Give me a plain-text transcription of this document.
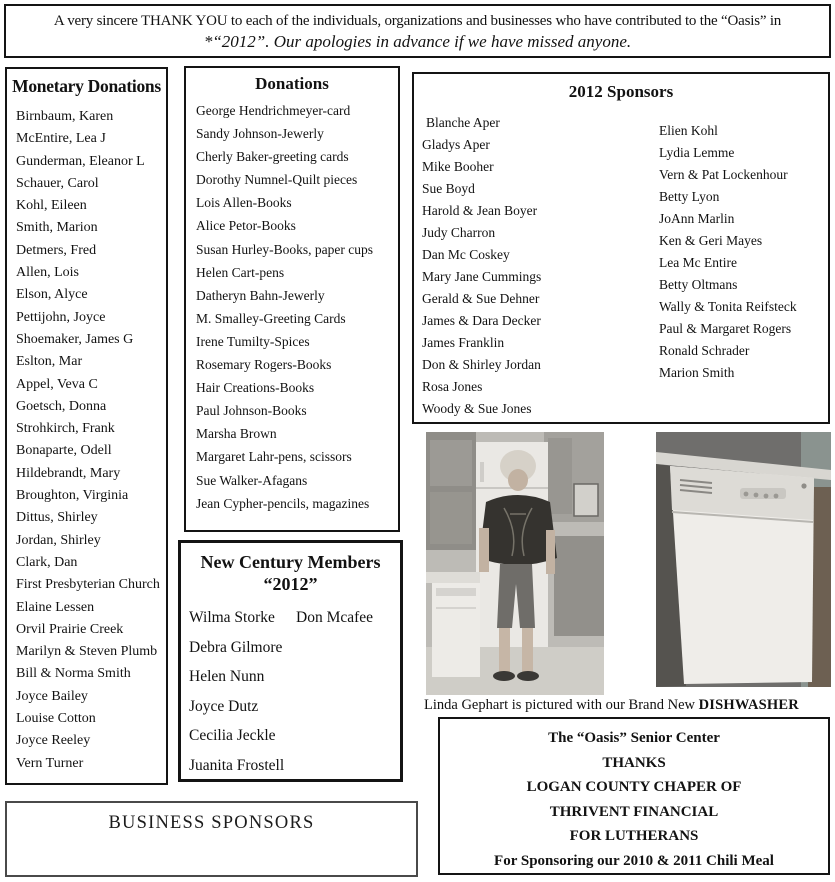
A very sincere THANK YOU to each of the individuals, organizations and businesses who have contributed to the “Oasis” in
*“2012”. Our apologies in advance if we have missed anyone.
Monetary Donations
Birnbaum, Karen
McEntire, Lea J
Gunderman, Eleanor L
Schauer, Carol
Kohl, Eileen
Smith, Marion
Detmers, Fred
Allen, Lois
Elson, Alyce
Pettijohn, Joyce
Shoemaker, James G
Eslton, Mar
Appel, Veva C
Goetsch, Donna
Strohkirch, Frank
Bonaparte, Odell
Hildebrandt, Mary
Broughton, Virginia
Dittus, Shirley
Jordan, Shirley
Clark, Dan
First Presbyterian Church
Elaine Lessen
Orvil Prairie Creek
Marilyn & Steven Plumb
Bill & Norma Smith
Joyce Bailey
Louise Cotton
Joyce Reeley
Vern Turner
Donations
George Hendrichmeyer-card
Sandy Johnson-Jewerly
Cherly Baker-greeting cards
Dorothy Numnel-Quilt pieces
Lois Allen-Books
Alice Petor-Books
Susan Hurley-Books, paper cups
Helen Cart-pens
Datheryn Bahn-Jewerly
M. Smalley-Greeting Cards
Irene Tumilty-Spices
Rosemary Rogers-Books
Hair Creations-Books
Paul Johnson-Books
Marsha Brown
Margaret Lahr-pens, scissors
Sue Walker-Afagans
Jean Cypher-pencils, magazines
New Century Members
“2012”
Wilma Storke	Don Mcafee
Debra Gilmore
Helen Nunn
Joyce Dutz
Cecilia Jeckle
Juanita Frostell
2012 Sponsors
Blanche Aper
Gladys Aper
Mike Booher
Sue Boyd
Harold & Jean Boyer
Judy Charron
Dan Mc Coskey
Mary Jane Cummings
Gerald & Sue Dehner
James & Dara Decker
James Franklin
Don & Shirley Jordan
Rosa Jones
Woody & Sue Jones
Elien Kohl
Lydia Lemme
Vern & Pat Lockenhour
Betty Lyon
JoAnn Marlin
Ken & Geri Mayes
Lea Mc Entire
Betty Oltmans
Wally & Tonita Reifsteck
Paul & Margaret Rogers
Ronald Schrader
Marion Smith
Linda Gephart is pictured with our Brand New DISHWASHER
The “Oasis” Senior Center
THANKS
LOGAN COUNTY CHAPER OF
THRIVENT FINANCIAL
FOR LUTHERANS
For Sponsoring our 2010 & 2011 Chili Meal
BUSINESS SPONSORS
